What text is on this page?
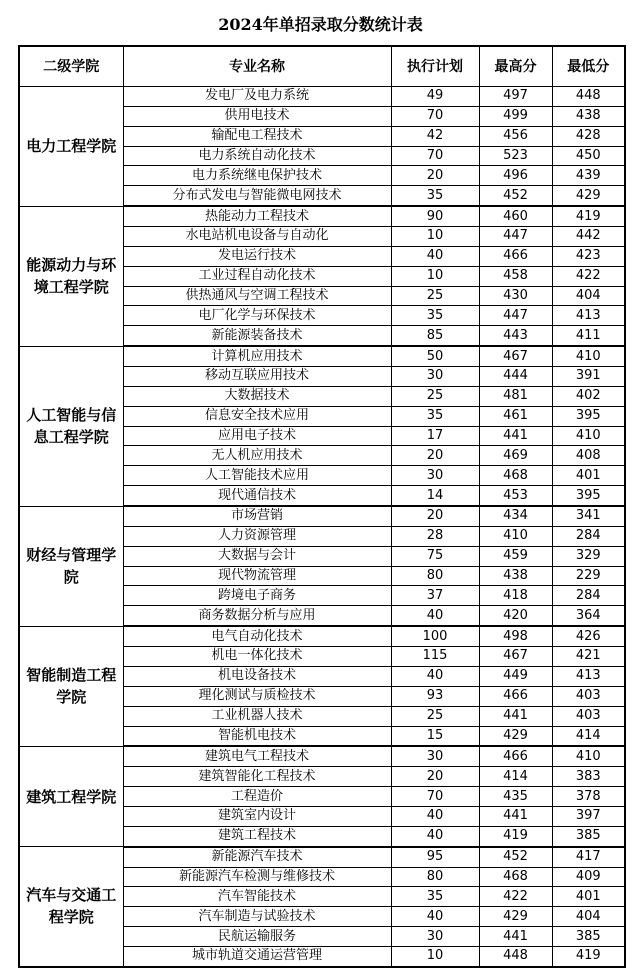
2024年单招录取分数统计表
二级学院	专业名称	执行计划	最高分	最低分
电力工程学院	发电厂及电力系统	49	497	448
	供用电技术	70	499	438
	输配电工程技术	42	456	428
	电力系统自动化技术	70	523	450
	电力系统继电保护技术	20	496	439
	分布式发电与智能微电网技术	35	452	429
能源动力与环境工程学院	热能动力工程技术	90	460	419
	水电站机电设备与自动化	10	447	442
	发电运行技术	40	466	423
	工业过程自动化技术	10	458	422
	供热通风与空调工程技术	25	430	404
	电厂化学与环保技术	35	447	413
	新能源装备技术	85	443	411
人工智能与信息工程学院	计算机应用技术	50	467	410
	移动互联应用技术	30	444	391
	大数据技术	25	481	402
	信息安全技术应用	35	461	395
	应用电子技术	17	441	410
	无人机应用技术	20	469	408
	人工智能技术应用	30	468	401
	现代通信技术	14	453	395
财经与管理学院	市场营销	20	434	341
	人力资源管理	28	410	284
	大数据与会计	75	459	329
	现代物流管理	80	438	229
	跨境电子商务	37	418	284
	商务数据分析与应用	40	420	364
智能制造工程学院	电气自动化技术	100	498	426
	机电一体化技术	115	467	421
	机电设备技术	40	449	413
	理化测试与质检技术	93	466	403
	工业机器人技术	25	441	403
	智能机电技术	15	429	414
建筑工程学院	建筑电气工程技术	30	466	410
	建筑智能化工程技术	20	414	383
	工程造价	70	435	378
	建筑室内设计	40	441	397
	建筑工程技术	40	419	385
汽车与交通工程学院	新能源汽车技术	95	452	417
	新能源汽车检测与维修技术	80	468	409
	汽车智能技术	35	422	401
	汽车制造与试验技术	40	429	404
	民航运输服务	30	441	385
	城市轨道交通运营管理	10	448	419
